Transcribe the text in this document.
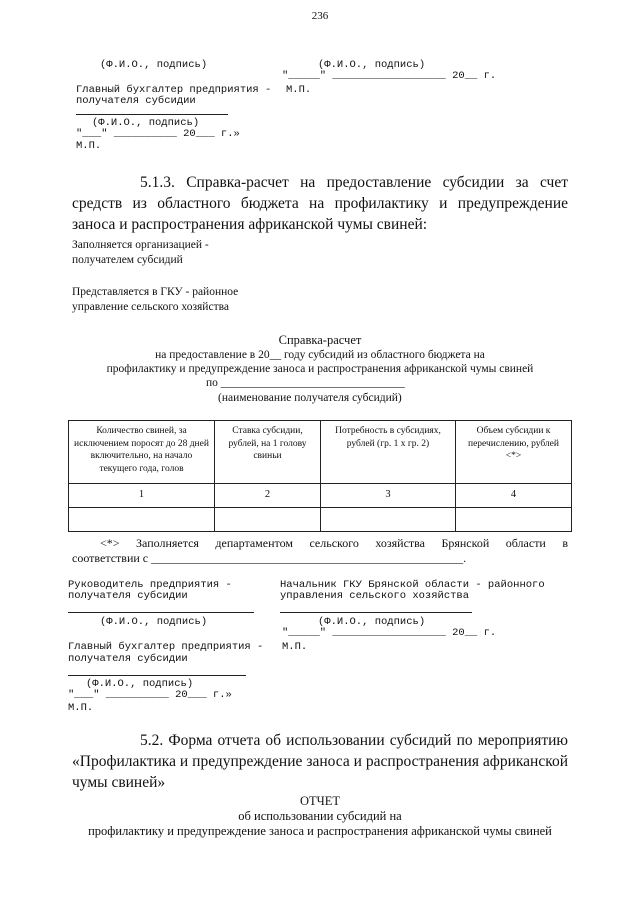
236
(Ф.И.О., подпись)	(Ф.И.О., подпись)
"_____" __________________ 20__ г.
Главный бухгалтер предприятия - М.П.
получателя субсидии
(Ф.И.О., подпись)
"___" __________ 20___ г.»
М.П.
5.1.3. Справка-расчет на предоставление субсидии за счет средств из областного бюджета на профилактику и предупреждение заноса и распространения африканской чумы свиней:
Заполняется организацией -
получателем субсидий
Представляется в ГКУ - районное
управление сельского хозяйства
Справка-расчет
на предоставление в 20__ году субсидий из областного бюджета на
профилактику и предупреждение заноса и распространения африканской чумы свиней
по ________________________________
(наименование получателя субсидий)
Количество свиней, за исключением поросят до 28 дней включительно, на начало текущего года, голов	Ставка субсидии, рублей, на 1 голову свиньи	Потребность в субсидиях, рублей (гр. 1 x гр. 2)	Объем субсидии к перечислению, рублей <*>
1	2	3	4

<*> Заполняется департаментом сельского хозяйства Брянской области в
соответствии с ____________________________________________________.
Руководитель предприятия -
получателя субсидии
Начальник ГКУ Брянской области - районного
управления сельского хозяйства
(Ф.И.О., подпись)	(Ф.И.О., подпись)
"_____" __________________ 20__ г.
Главный бухгалтер предприятия - М.П.
получателя субсидии
(Ф.И.О., подпись)
"___" __________ 20___ г.»
М.П.
5.2. Форма отчета об использовании субсидий по мероприятию «Профилактика и предупреждение заноса и распространения африканской чумы свиней»
ОТЧЕТ
об использовании субсидий на
профилактику и предупреждение заноса и распространения африканской чумы свиней
